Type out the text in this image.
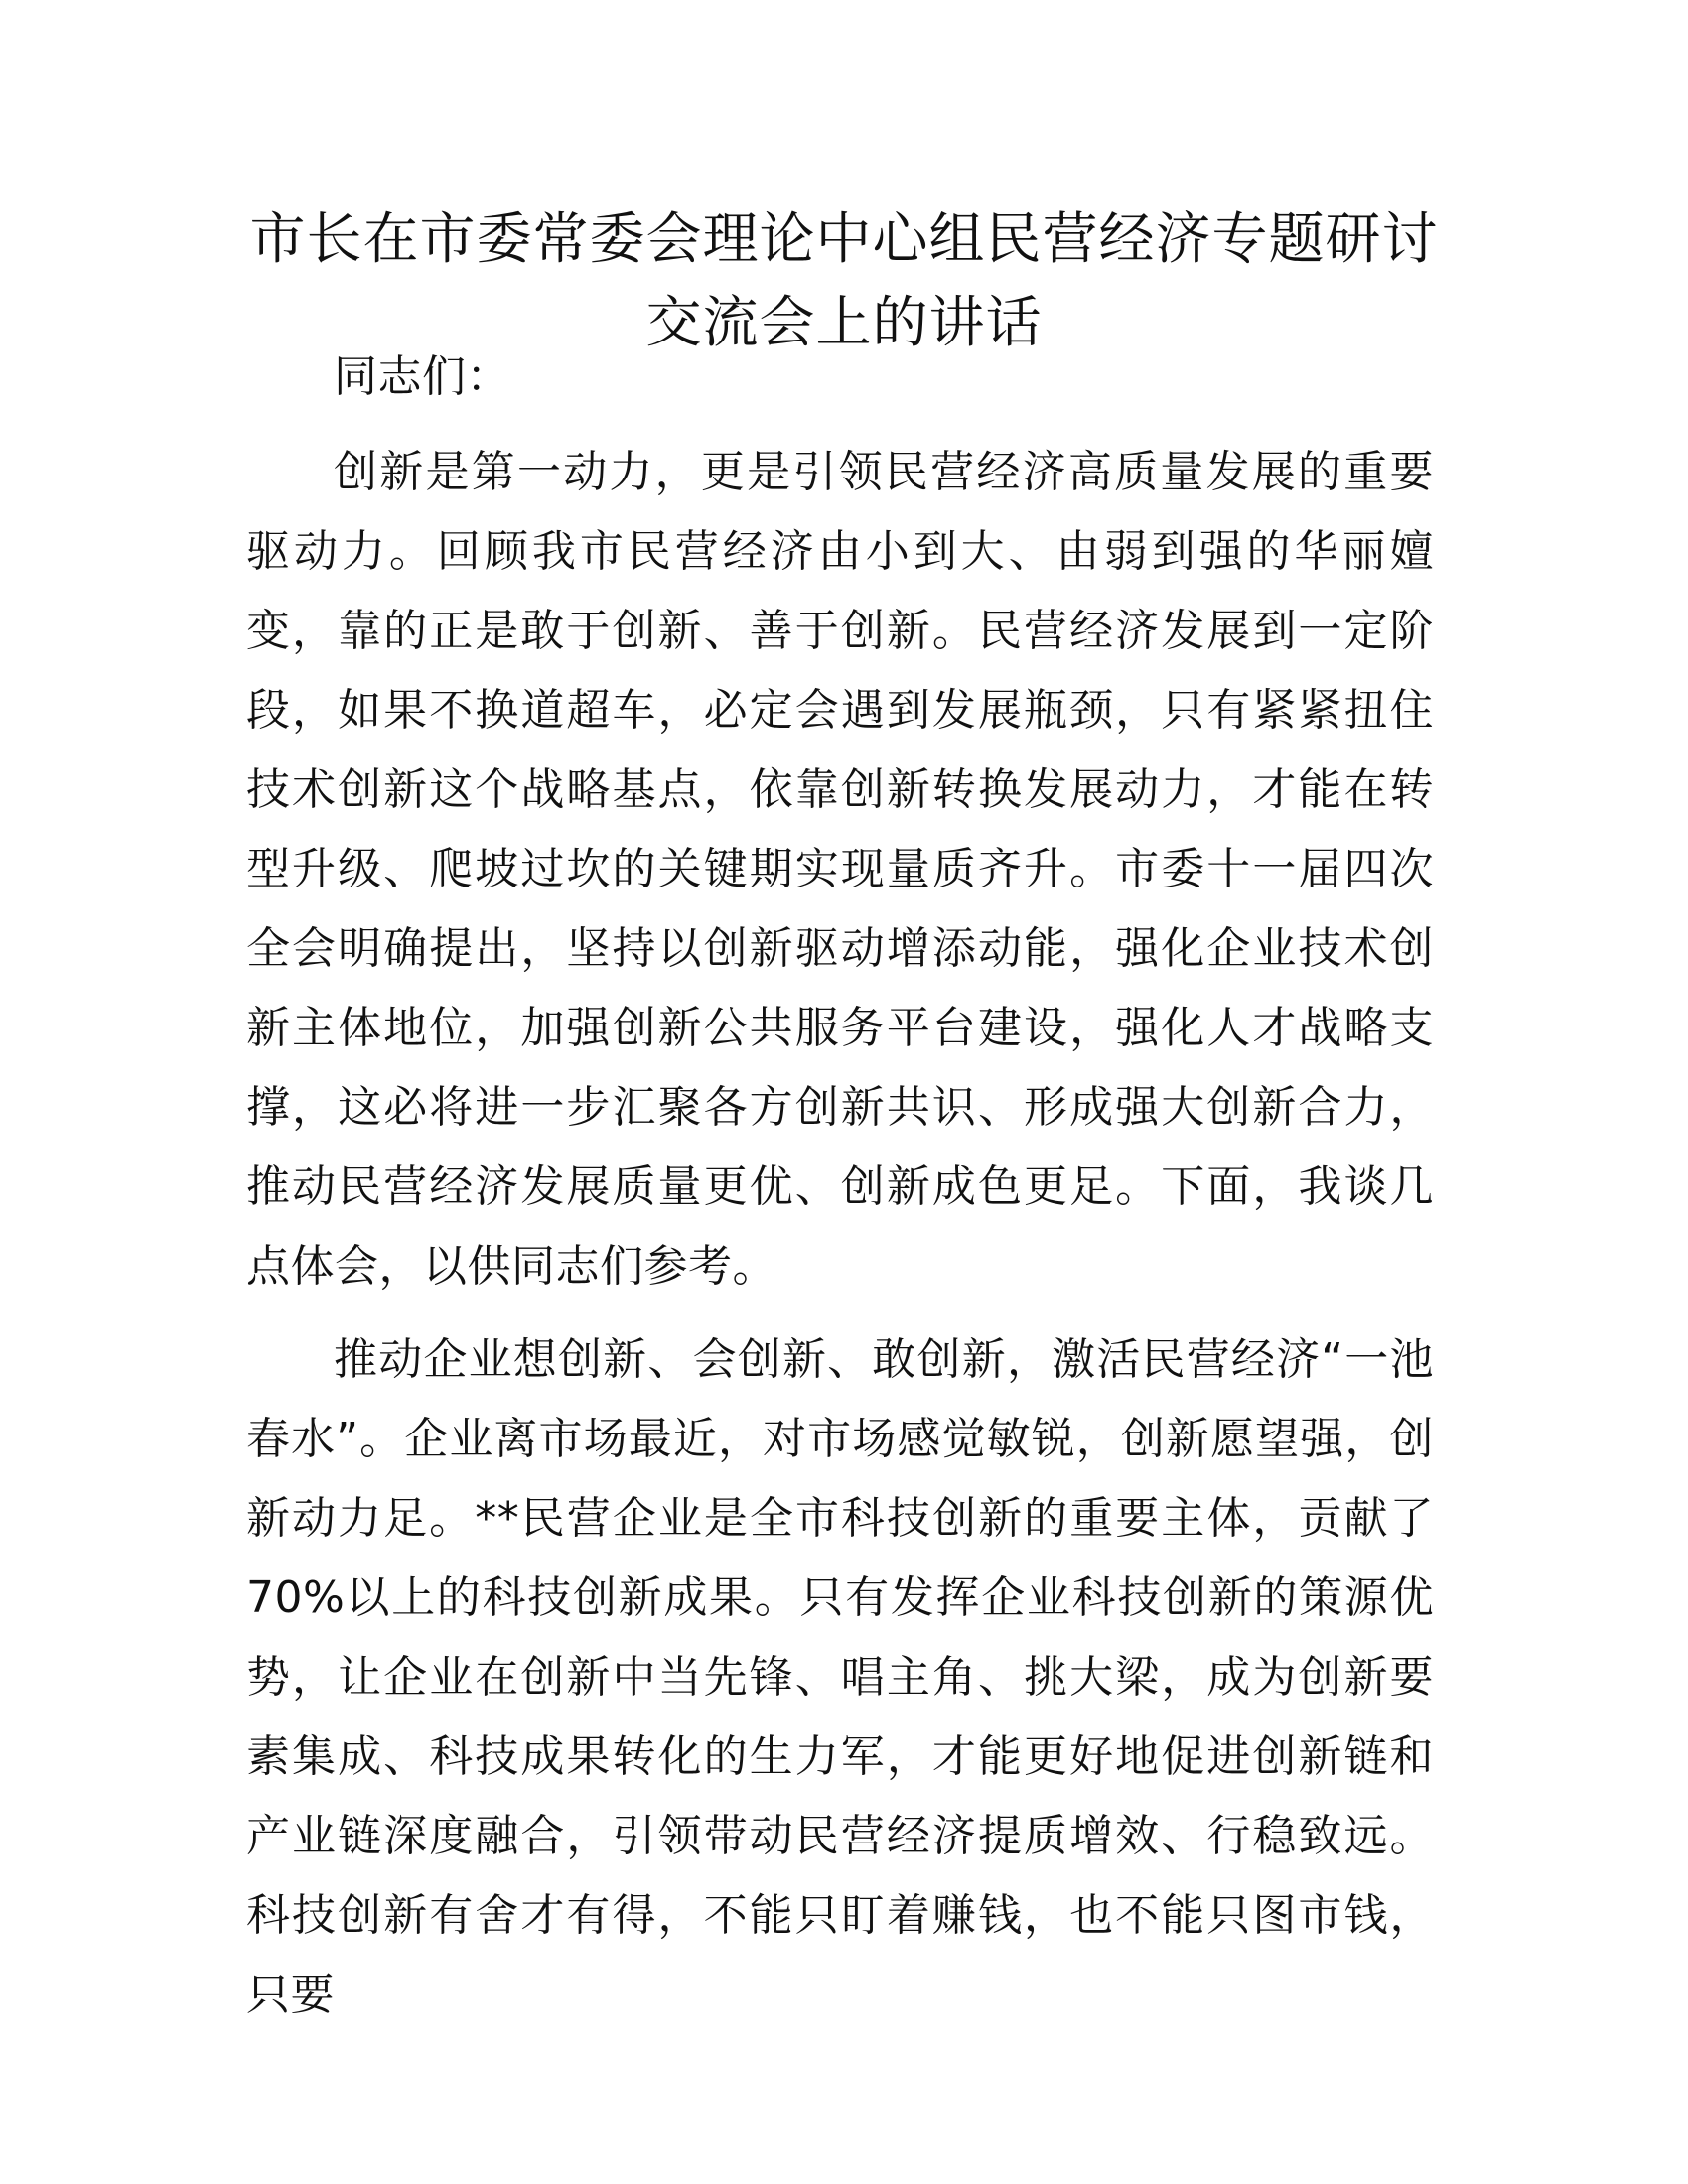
市长在市委常委会理论中心组民营经济专题研讨交流会上的讲话

同志们：

创新是第一动力，更是引领民营经济高质量发展的重要驱动力。回顾我市民营经济由小到大、由弱到强的华丽嬗变，靠的正是敢于创新、善于创新。民营经济发展到一定阶段，如果不换道超车，必定会遇到发展瓶颈，只有紧紧扭住技术创新这个战略基点，依靠创新转换发展动力，才能在转型升级、爬坡过坎的关键期实现量质齐升。市委十一届四次全会明确提出，坚持以创新驱动增添动能，强化企业技术创新主体地位，加强创新公共服务平台建设，强化人才战略支撑，这必将进一步汇聚各方创新共识、形成强大创新合力，推动民营经济发展质量更优、创新成色更足。下面，我谈几点体会，以供同志们参考。

推动企业想创新、会创新、敢创新，激活民营经济“一池春水”。企业离市场最近，对市场感觉敏锐，创新愿望强，创新动力足。**民营企业是全市科技创新的重要主体，贡献了70%以上的科技创新成果。只有发挥企业科技创新的策源优势，让企业在创新中当先锋、唱主角、挑大梁，成为创新要素集成、科技成果转化的生力军，才能更好地促进创新链和产业链深度融合，引领带动民营经济提质增效、行稳致远。科技创新有舍才有得，不能只盯着赚钱，也不能只图市钱，只要
